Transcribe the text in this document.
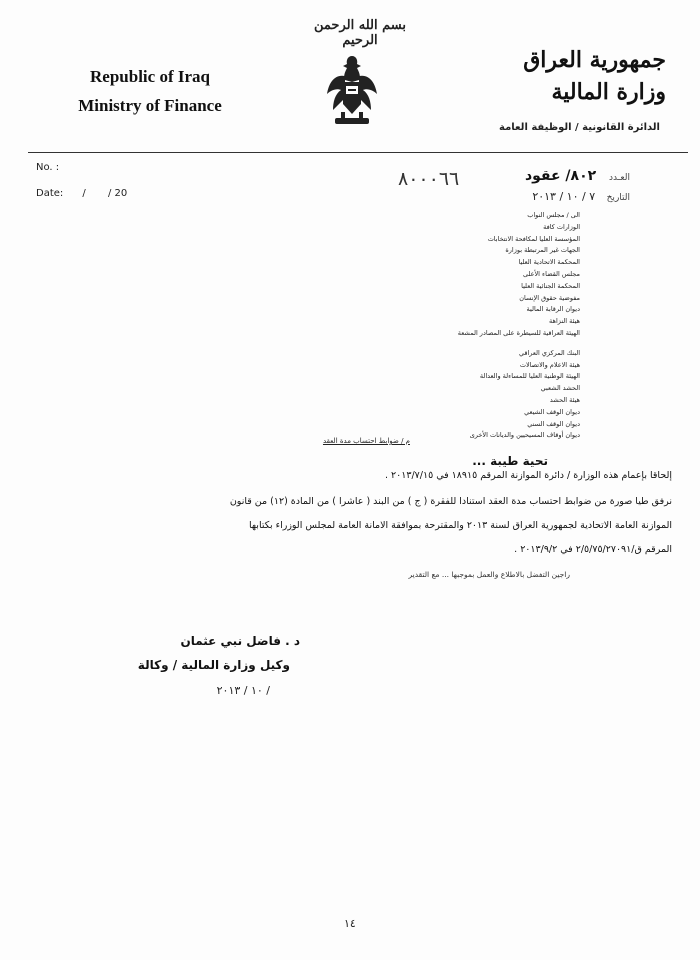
Republic of Iraq
Ministry of Finance
بسم الله الرحمن الرحيم
جمهورية العراق
وزارة المالية
الدائرة القانونية / الوظيفة العامة
No. :
Date:      /       / 20
٨٠٠٠٦٦	العـدد ٨٠٢/ عقود
التاريخ ٧ / ١٠ / ٢٠١٣
الى / مجلس النواب
الوزارات كافة
المؤسسة العليا لمكافحة الانتخابات
الجهات غير المرتبطة بوزارة
المحكمة الاتحادية العليا
مجلس القضاء الأعلى
المحكمة الجنائية العليا
مفوضية حقوق الإنسان
ديوان الرقابة المالية
هيئة النزاهة
الهيئة العراقية للسيطرة على المصادر المشعة
البنك المركزي العراقي
هيئة الاعلام والاتصالات
الهيئة الوطنية العليا للمساءلة والعدالة
الحشد الشعبي
هيئة الحشد
ديوان الوقف الشيعي
ديوان الوقف السني
ديوان أوقاف المسيحيين والديانات الأخرى
م / ضوابط احتساب مدة العقد
تحية طيبة ...
إلحاقا بإعمام هذه الوزارة / دائرة الموازنة المرقم ١٨٩١٥ في ٢٠١٣/٧/١٥ .
نرفق طيا صورة من ضوابط احتساب مدة العقد استنادا للفقرة ( ج ) من البند ( عاشرا ) من المادة (١٢) من قانون
الموازنة العامة الاتحادية لجمهورية العراق لسنة ٢٠١٣ والمقترحة بموافقة الامانة العامة لمجلس الوزراء بكتابها
المرقم ق/٢/٥/٧٥/٢٧٠٩١ في ٢٠١٣/٩/٢ .
راجين التفضل بالاطلاع والعمل بموجبها ... مع التقدير
د . فاضل نبي عثمان
وكيل وزارة المالية / وكالة
/ ١٠ / ٢٠١٣
١٤
